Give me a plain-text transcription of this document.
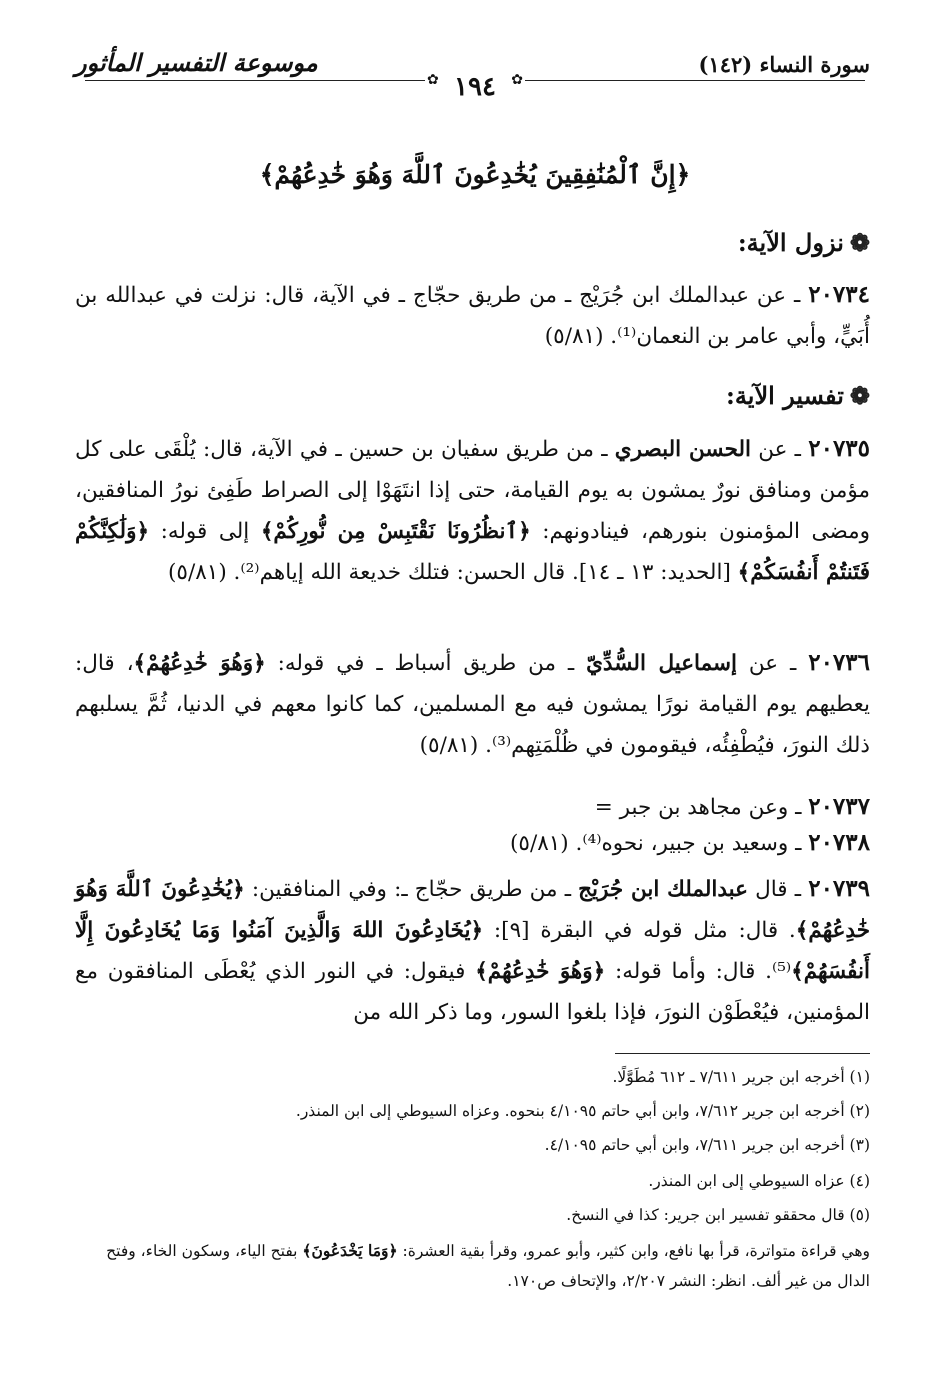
سورة النساء (١٤٢)
موسوعة التفسير المأثور
✿
✿ ١٩٤
﴿إِنَّ ٱلْمُنَٰفِقِينَ يُخَٰدِعُونَ ٱللَّهَ وَهُوَ خَٰدِعُهُمْ﴾
❁نزول الآية:
٢٠٧٣٤ ـ عن عبدالملك ابن جُرَيْج ـ من طريق حجّاج ـ في الآية، قال: نزلت في عبدالله بن أُبَيٍّ، وأبي عامر بن النعمان⁽¹⁾. (٥/٨١)
❁تفسير الآية:
٢٠٧٣٥ ـ عن الحسن البصري ـ من طريق سفيان بن حسين ـ في الآية، قال: يُلْقَى على كل مؤمن ومنافق نورٌ يمشون به يوم القيامة، حتى إذا انتَهَوْا إلى الصراط طَفِئ نورُ المنافقين، ومضى المؤمنون بنورهم، فينادونهم: ﴿ٱنظُرُونَا نَقْتَبِسْ مِن نُّورِكُمْ﴾ إلى قوله: ﴿وَلَٰكِنَّكُمْ فَتَنتُمْ أَنفُسَكُمْ﴾ [الحديد: ١٣ ـ ١٤]. قال الحسن: فتلك خديعة الله إياهم⁽²⁾. (٥/٨١)
٢٠٧٣٦ ـ عن إسماعيل السُّدِّيّ ـ من طريق أسباط ـ في قوله: ﴿وَهُوَ خَٰدِعُهُمْ﴾، قال: يعطيهم يوم القيامة نورًا يمشون فيه مع المسلمين، كما كانوا معهم في الدنيا، ثُمَّ يسلبهم ذلك النورَ، فيُطْفِئُه، فيقومون في ظُلْمَتِهم⁽³⁾. (٥/٨١)
٢٠٧٣٧ ـ وعن مجاهد بن جبر =
٢٠٧٣٨ ـ وسعيد بن جبير، نحوه⁽⁴⁾. (٥/٨١)
٢٠٧٣٩ ـ قال عبدالملك ابن جُرَيْج ـ من طريق حجّاج ـ: وفي المنافقين: ﴿يُخَٰدِعُونَ ٱللَّهَ وَهُوَ خَٰدِعُهُمْ﴾. قال: مثل قوله في البقرة [٩]: ﴿يُخَادِعُونَ اللهَ وَالَّذِينَ آمَنُوا وَمَا يُخَادِعُونَ إِلَّا أَنفُسَهُمْ﴾⁽⁵⁾. قال: وأما قوله: ﴿وَهُوَ خَٰدِعُهُمْ﴾ فيقول: في النور الذي يُعْطَى المنافقون مع المؤمنين، فيُعْطَوْن النورَ، فإذا بلغوا السور، وما ذكر الله من
(١) أخرجه ابن جرير ٧/٦١١ ـ ٦١٢ مُطَوَّلًا.
(٢) أخرجه ابن جرير ٧/٦١٢، وابن أبي حاتم ٤/١٠٩٥ بنحوه. وعزاه السيوطي إلى ابن المنذر.
(٣) أخرجه ابن جرير ٧/٦١١، وابن أبي حاتم ٤/١٠٩٥.
(٤) عزاه السيوطي إلى ابن المنذر.
(٥) قال محققو تفسير ابن جرير: كذا في النسخ.
وهي قراءة متواترة، قرأ بها نافع، وابن كثير، وأبو عمرو، وقرأ بقية العشرة: ﴿وَمَا يَخْدَعُونَ﴾ بفتح الياء، وسكون الخاء، وفتح الدال من غير ألف. انظر: النشر ٢/٢٠٧، والإتحاف ص١٧٠.
